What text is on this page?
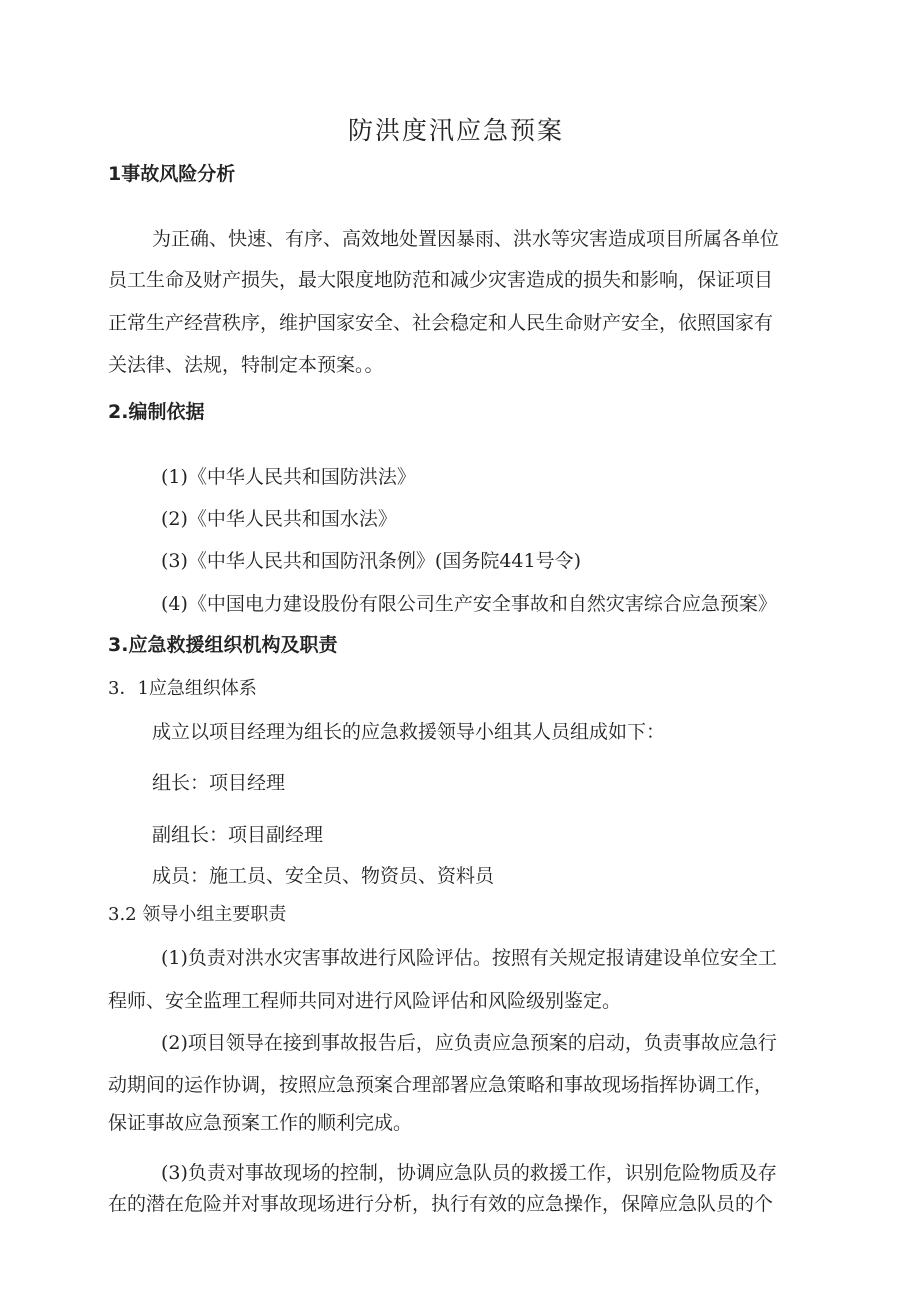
防洪度汛应急预案
1事故风险分析
为正确、快速、有序、高效地处置因暴雨、洪水等灾害造成项目所属各单位
员工生命及财产损失，最大限度地防范和减少灾害造成的损失和影响，保证项目
正常生产经营秩序，维护国家安全、社会稳定和人民生命财产安全，依照国家有
关法律、法规，特制定本预案。。
2.编制依据
(1)《中华人民共和国防洪法》
(2)《中华人民共和国水法》
(3)《中华人民共和国防汛条例》(国务院441号令)
(4)《中国电力建设股份有限公司生产安全事故和自然灾害综合应急预案》
3.应急救援组织机构及职责
3．1应急组织体系
成立以项目经理为组长的应急救援领导小组其人员组成如下：
组长：项目经理
副组长：项目副经理
成员：施工员、安全员、物资员、资料员
3.2 领导小组主要职责
(1)负责对洪水灾害事故进行风险评估。按照有关规定报请建设单位安全工
程师、安全监理工程师共同对进行风险评估和风险级别鉴定。
(2)项目领导在接到事故报告后，应负责应急预案的启动，负责事故应急行
动期间的运作协调，按照应急预案合理部署应急策略和事故现场指挥协调工作，
保证事故应急预案工作的顺利完成。
(3)负责对事故现场的控制，协调应急队员的救援工作，识别危险物质及存
在的潜在危险并对事故现场进行分析，执行有效的应急操作，保障应急队员的个
